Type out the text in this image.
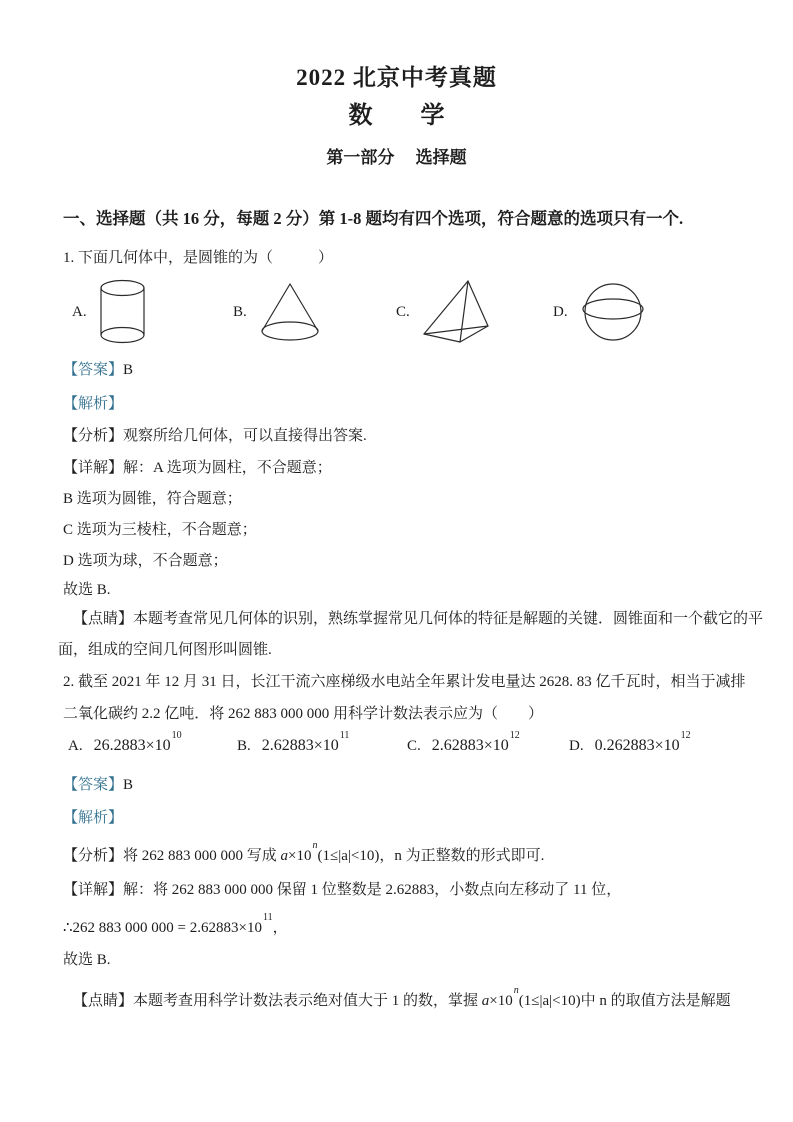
2022 北京中考真题
数　　学
第一部分　 选择题
一、选择题（共 16 分，每题 2 分）第 1-8 题均有四个选项，符合题意的选项只有一个.
1. 下面几何体中，是圆锥的为（　　　）
A.	B.	C.	D.
【答案】B
【解析】
【分析】观察所给几何体，可以直接得出答案.
【详解】解：A 选项为圆柱，不合题意；
B 选项为圆锥，符合题意；
C 选项为三棱柱，不合题意；
D 选项为球，不合题意；
故选 B.
【点睛】本题考查常见几何体的识别，熟练掌握常见几何体的特征是解题的关键．圆锥面和一个截它的平
面，组成的空间几何图形叫圆锥.
2. 截至 2021 年 12 月 31 日，长江干流六座梯级水电站全年累计发电量达 2628. 83 亿千瓦时，相当于减排
二氧化碳约 2.2 亿吨．将 262 883 000 000 用科学计数法表示应为（　　）
A. $26.2883\times 10^{10}$
B. $2.62883\times 10^{11}$
C. $2.62883\times 10^{12}$
D. $0.262883\times 10^{12}$
【答案】B
【解析】
【分析】将 262 883 000 000 写成 $a\times 10^n(1\le|a|<10)$，n 为正整数的形式即可.
【详解】解：将 262 883 000 000 保留 1 位整数是 2.62883，小数点向左移动了 11 位，
∴262 883 000 $000 = 2.62883\times 10^{11}$，
故选 B.
【点睛】本题考查用科学计数法表示绝对值大于 1 的数，掌握 $a\times 10^n(1\le|a|<10)$中 n 的取值方法是解题
